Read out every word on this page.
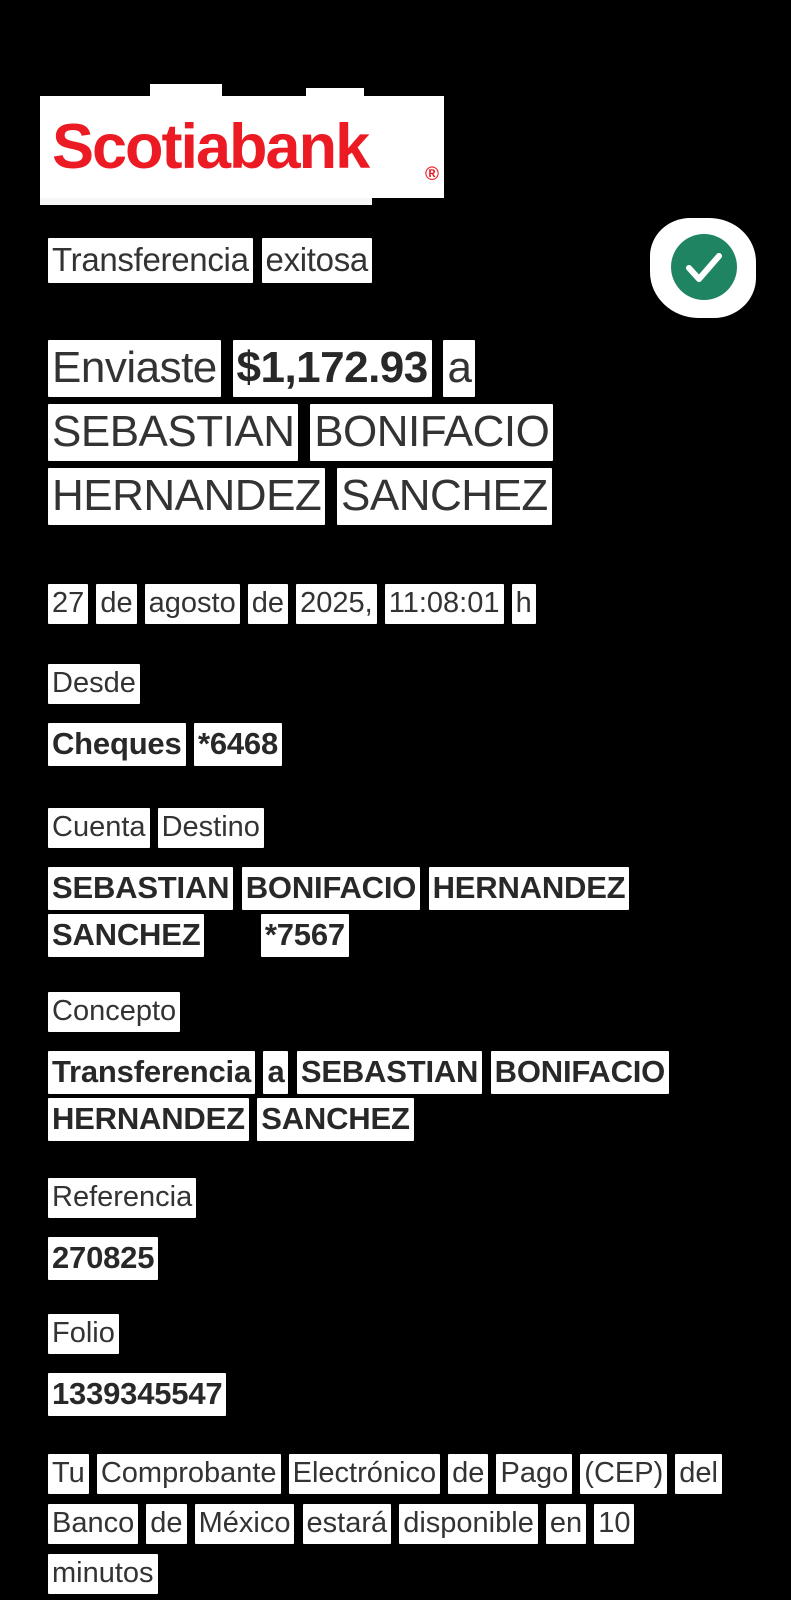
Scotiabank	®
Transferencia exitosa

Enviaste $1,172.93 a SEBASTIAN BONIFACIO HERNANDEZ SANCHEZ

27 de agosto de 2025, 11:08:01 h

Desde
Cheques *6468
Cuenta Destino
SEBASTIAN BONIFACIO HERNANDEZ SANCHEZ *7567
Concepto
Transferencia a SEBASTIAN BONIFACIO HERNANDEZ SANCHEZ
Referencia
270825
Folio
1339345547

Tu Comprobante Electrónico de Pago (CEP) del Banco de México estará disponible en 10 minutos
